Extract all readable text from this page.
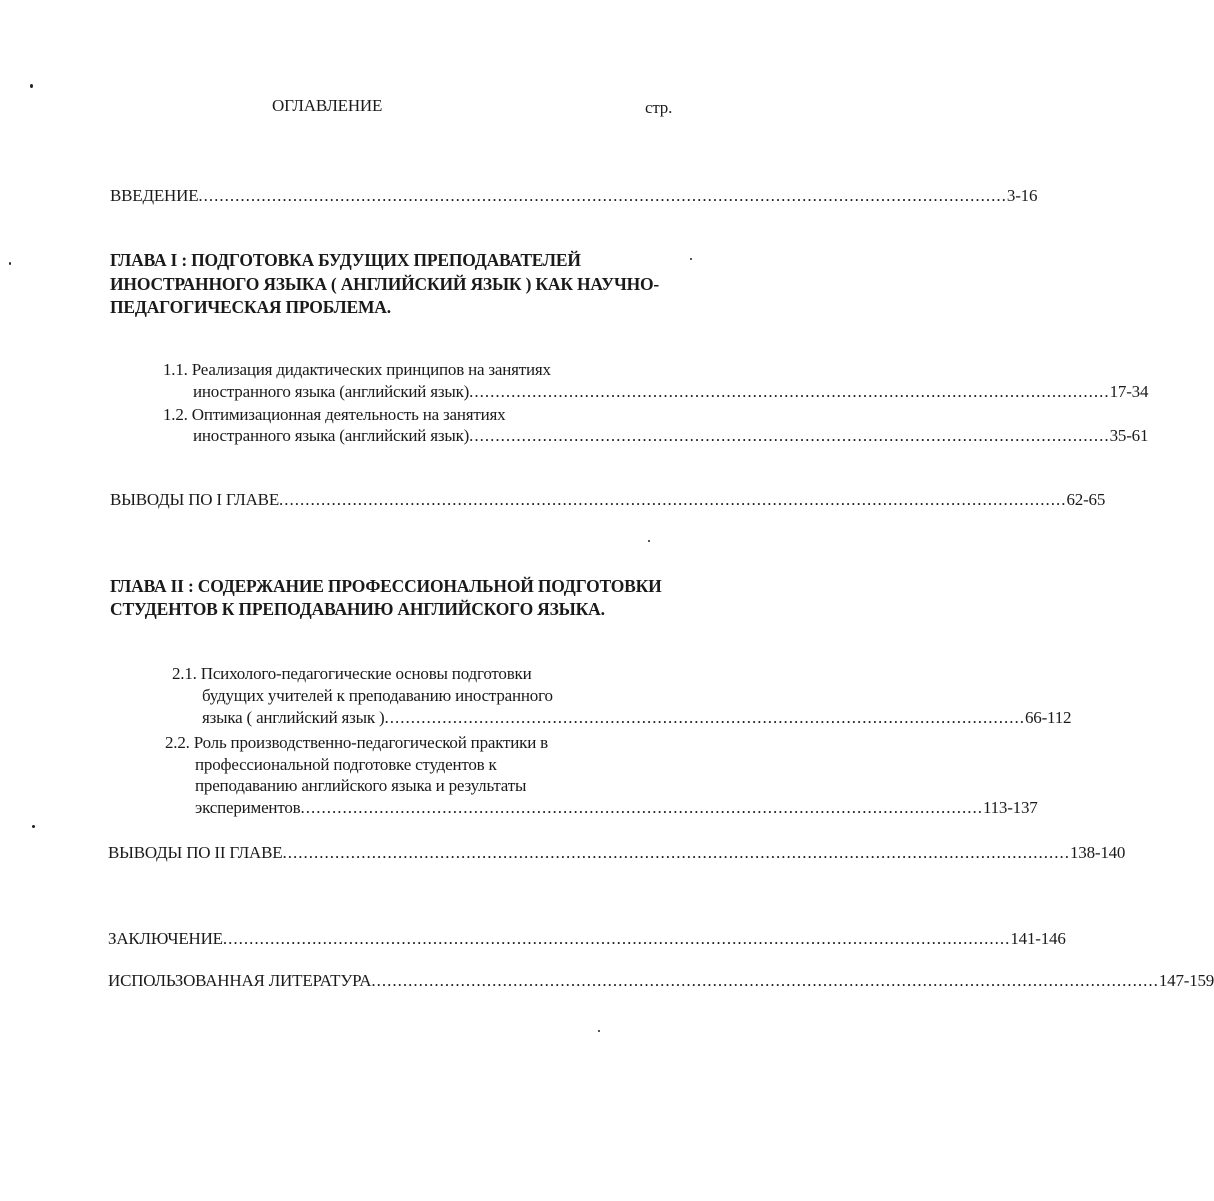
ОГЛАВЛЕНИЕ	стр.
ВВЕДЕНИЕ .......................................................................................................................................................... 3-16
ГЛАВА I : ПОДГОТОВКА БУДУЩИХ ПРЕПОДАВАТЕЛЕЙ
ИНОСТРАННОГО ЯЗЫКА ( АНГЛИЙСКИЙ ЯЗЫК ) КАК НАУЧНО-
ПЕДАГОГИЧЕСКАЯ ПРОБЛЕМА.
1.1. Реализация дидактических принципов на занятиях
иностранного языка (английский язык) .......................................................................................................................... 17-34
1.2. Оптимизационная деятельность на занятиях
иностранного языка (английский язык) .......................................................................................................................... 35-61
ВЫВОДЫ ПО I ГЛАВЕ ...................................................................................................................................................... 62-65
ГЛАВА II : СОДЕРЖАНИЕ ПРОФЕССИОНАЛЬНОЙ ПОДГОТОВКИ
СТУДЕНТОВ К ПРЕПОДАВАНИЮ АНГЛИЙСКОГО ЯЗЫКА.
2.1. Психолого-педагогические основы подготовки
будущих учителей к преподаванию иностранного
языка ( английский язык ) .......................................................................................................................... 66-112
2.2. Роль производственно-педагогической практики в
профессиональной подготовке студентов к
преподаванию английского языка и результаты
экспериментов .................................................................................................................................. 113-137
ВЫВОДЫ ПО II ГЛАВЕ ...................................................................................................................................................... 138-140
ЗАКЛЮЧЕНИЕ ...................................................................................................................................................... 141-146
ИСПОЛЬЗОВАННАЯ ЛИТЕРАТУРА ...................................................................................................................................................... 147-159
